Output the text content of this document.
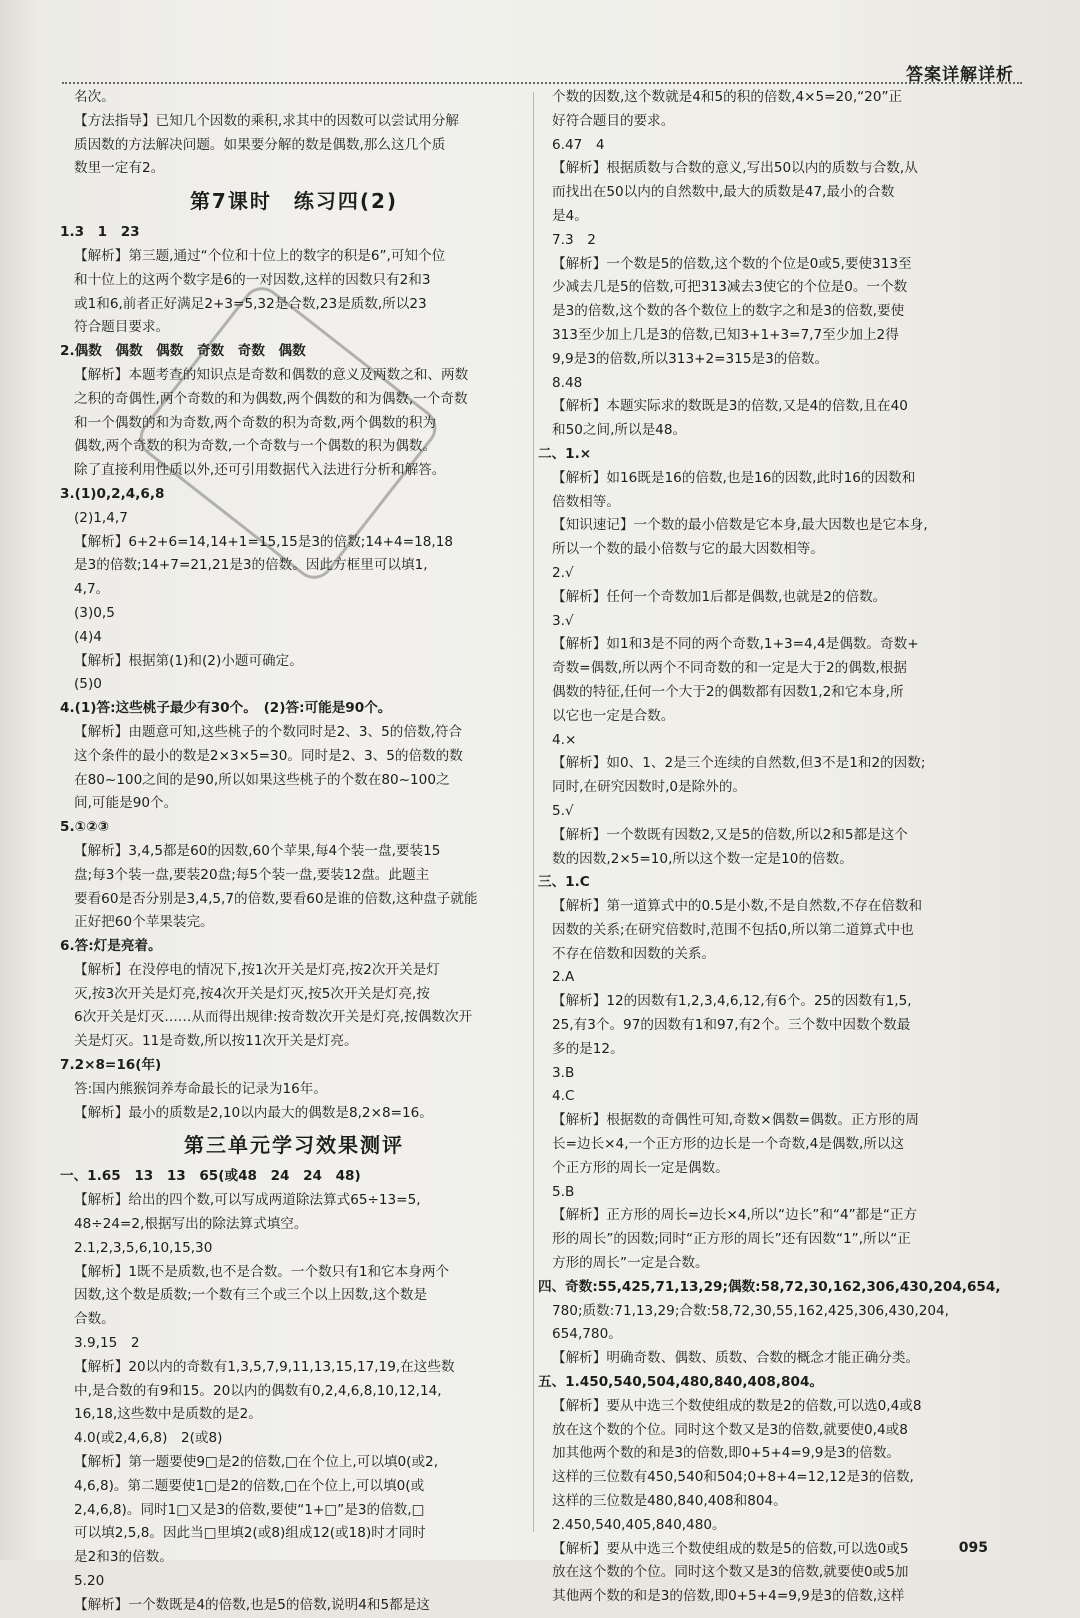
答案详解详析
名次。
【方法指导】已知几个因数的乘积,求其中的因数可以尝试用分解
质因数的方法解决问题。如果要分解的数是偶数,那么这几个质
数里一定有2。
第7课时　练习四(2)
1.3　1　23
【解析】第三题,通过“个位和十位上的数字的积是6”,可知个位
和十位上的这两个数字是6的一对因数,这样的因数只有2和3
或1和6,前者正好满足2+3=5,32是合数,23是质数,所以23
符合题目要求。
2.偶数　偶数　偶数　奇数　奇数　偶数
【解析】本题考查的知识点是奇数和偶数的意义及两数之和、两数
之积的奇偶性,两个奇数的和为偶数,两个偶数的和为偶数,一个奇数
和一个偶数的和为奇数,两个奇数的积为奇数,两个偶数的积为
偶数,两个奇数的积为奇数,一个奇数与一个偶数的积为偶数。
除了直接利用性质以外,还可引用数据代入法进行分析和解答。
3.(1)0,2,4,6,8
(2)1,4,7
【解析】6+2+6=14,14+1=15,15是3的倍数;14+4=18,18
是3的倍数;14+7=21,21是3的倍数。因此方框里可以填1,
4,7。
(3)0,5
(4)4
【解析】根据第(1)和(2)小题可确定。
(5)0
4.(1)答:这些桃子最少有30个。　(2)答:可能是90个。
【解析】由题意可知,这些桃子的个数同时是2、3、5的倍数,符合
这个条件的最小的数是2×3×5=30。同时是2、3、5的倍数的数
在80~100之间的是90,所以如果这些桃子的个数在80~100之
间,可能是90个。
5.①②③
【解析】3,4,5都是60的因数,60个苹果,每4个装一盘,要装15
盘;每3个装一盘,要装20盘;每5个装一盘,要装12盘。此题主
要看60是否分别是3,4,5,7的倍数,要看60是谁的倍数,这种盘子就能
正好把60个苹果装完。
6.答:灯是亮着。
【解析】在没停电的情况下,按1次开关是灯亮,按2次开关是灯
灭,按3次开关是灯亮,按4次开关是灯灭,按5次开关是灯亮,按
6次开关是灯灭……从而得出规律:按奇数次开关是灯亮,按偶数次开
关是灯灭。11是奇数,所以按11次开关是灯亮。
7.2×8=16(年)
答:国内熊猴饲养寿命最长的记录为16年。
【解析】最小的质数是2,10以内最大的偶数是8,2×8=16。
第三单元学习效果测评
一、1.65　13　13　65(或48　24　24　48)
【解析】给出的四个数,可以写成两道除法算式65÷13=5,
48÷24=2,根据写出的除法算式填空。
2.1,2,3,5,6,10,15,30
【解析】1既不是质数,也不是合数。一个数只有1和它本身两个
因数,这个数是质数;一个数有三个或三个以上因数,这个数是
合数。
3.9,15　2
【解析】20以内的奇数有1,3,5,7,9,11,13,15,17,19,在这些数
中,是合数的有9和15。20以内的偶数有0,2,4,6,8,10,12,14,
16,18,这些数中是质数的是2。
4.0(或2,4,6,8)　2(或8)
【解析】第一题要使9□是2的倍数,□在个位上,可以填0(或2,
4,6,8)。第二题要使1□是2的倍数,□在个位上,可以填0(或
2,4,6,8)。同时1□又是3的倍数,要使“1+□”是3的倍数,□
可以填2,5,8。因此当□里填2(或8)组成12(或18)时才同时
是2和3的倍数。
5.20
【解析】一个数既是4的倍数,也是5的倍数,说明4和5都是这
个数的因数,这个数就是4和5的积的倍数,4×5=20,“20”正
好符合题目的要求。
6.47　4
【解析】根据质数与合数的意义,写出50以内的质数与合数,从
而找出在50以内的自然数中,最大的质数是47,最小的合数
是4。
7.3　2
【解析】一个数是5的倍数,这个数的个位是0或5,要使313至
少减去几是5的倍数,可把313减去3使它的个位是0。一个数
是3的倍数,这个数的各个数位上的数字之和是3的倍数,要使
313至少加上几是3的倍数,已知3+1+3=7,7至少加上2得
9,9是3的倍数,所以313+2=315是3的倍数。
8.48
【解析】本题实际求的数既是3的倍数,又是4的倍数,且在40
和50之间,所以是48。
二、1.×
【解析】如16既是16的倍数,也是16的因数,此时16的因数和
倍数相等。
【知识速记】一个数的最小倍数是它本身,最大因数也是它本身,
所以一个数的最小倍数与它的最大因数相等。
2.√
【解析】任何一个奇数加1后都是偶数,也就是2的倍数。
3.√
【解析】如1和3是不同的两个奇数,1+3=4,4是偶数。奇数+
奇数=偶数,所以两个不同奇数的和一定是大于2的偶数,根据
偶数的特征,任何一个大于2的偶数都有因数1,2和它本身,所
以它也一定是合数。
4.×
【解析】如0、1、2是三个连续的自然数,但3不是1和2的因数;
同时,在研究因数时,0是除外的。
5.√
【解析】一个数既有因数2,又是5的倍数,所以2和5都是这个
数的因数,2×5=10,所以这个数一定是10的倍数。
三、1.C
【解析】第一道算式中的0.5是小数,不是自然数,不存在倍数和
因数的关系;在研究倍数时,范围不包括0,所以第二道算式中也
不存在倍数和因数的关系。
2.A
【解析】12的因数有1,2,3,4,6,12,有6个。25的因数有1,5,
25,有3个。97的因数有1和97,有2个。三个数中因数个数最
多的是12。
3.B
4.C
【解析】根据数的奇偶性可知,奇数×偶数=偶数。正方形的周
长=边长×4,一个正方形的边长是一个奇数,4是偶数,所以这
个正方形的周长一定是偶数。
5.B
【解析】正方形的周长=边长×4,所以“边长”和“4”都是“正方
形的周长”的因数;同时“正方形的周长”还有因数“1”,所以“正
方形的周长”一定是合数。
四、奇数:55,425,71,13,29;偶数:58,72,30,162,306,430,204,654,
780;质数:71,13,29;合数:58,72,30,55,162,425,306,430,204,
654,780。
【解析】明确奇数、偶数、质数、合数的概念才能正确分类。
五、1.450,540,504,480,840,408,804。
【解析】要从中选三个数使组成的数是2的倍数,可以选0,4或8
放在这个数的个位。同时这个数又是3的倍数,就要使0,4或8
加其他两个数的和是3的倍数,即0+5+4=9,9是3的倍数。
这样的三位数有450,540和504;0+8+4=12,12是3的倍数,
这样的三位数是480,840,408和804。
2.450,540,405,840,480。
【解析】要从中选三个数使组成的数是5的倍数,可以选0或5
放在这个数的个位。同时这个数又是3的倍数,就要使0或5加
其他两个数的和是3的倍数,即0+5+4=9,9是3的倍数,这样
095
